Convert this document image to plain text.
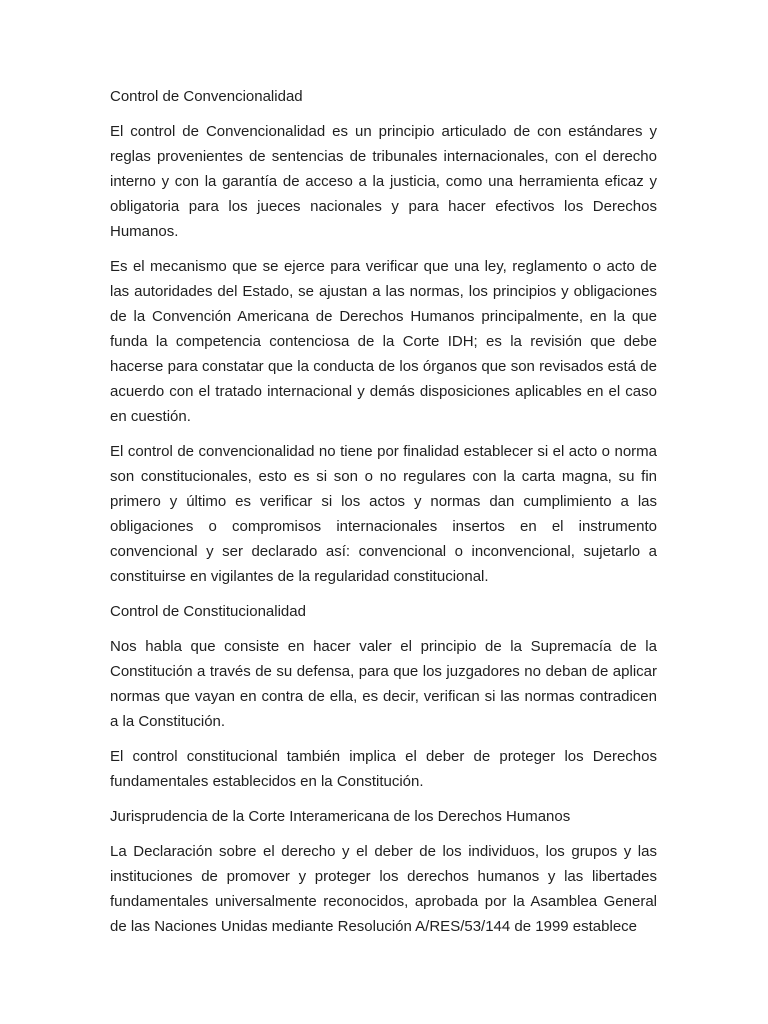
Control de Convencionalidad

El control de Convencionalidad es un principio articulado de con estándares y reglas provenientes de sentencias de tribunales internacionales, con el derecho interno y con la garantía de acceso a la justicia, como una herramienta eficaz y obligatoria para los jueces nacionales y para hacer efectivos los Derechos Humanos.

Es el mecanismo que se ejerce para verificar que una ley, reglamento o acto de las autoridades del Estado, se ajustan a las normas, los principios y obligaciones de la Convención Americana de Derechos Humanos principalmente, en la que funda la competencia contenciosa de la Corte IDH; es la revisión que debe hacerse para constatar que la conducta de los órganos que son revisados está de acuerdo con el tratado internacional y demás disposiciones aplicables en el caso en cuestión.

El control de convencionalidad no tiene por finalidad establecer si el acto o norma son constitucionales, esto es si son o no regulares con la carta magna, su fin primero y último es verificar si los actos y normas dan cumplimiento a las obligaciones o compromisos internacionales insertos en el instrumento convencional y ser declarado así: convencional o inconvencional, sujetarlo a constituirse en vigilantes de la regularidad constitucional.

Control de Constitucionalidad

Nos habla que consiste en hacer valer el principio de la Supremacía de la Constitución a través de su defensa, para que los juzgadores no deban de aplicar normas que vayan en contra de ella, es decir, verifican si las normas contradicen a la Constitución.

El control constitucional también implica el deber de proteger los Derechos fundamentales establecidos en la Constitución.

Jurisprudencia de la Corte Interamericana de los Derechos Humanos

La Declaración sobre el derecho y el deber de los individuos, los grupos y las instituciones de promover y proteger los derechos humanos y las libertades fundamentales universalmente reconocidos, aprobada por la Asamblea General de las Naciones Unidas mediante Resolución A/RES/53/144 de 1999 establece
